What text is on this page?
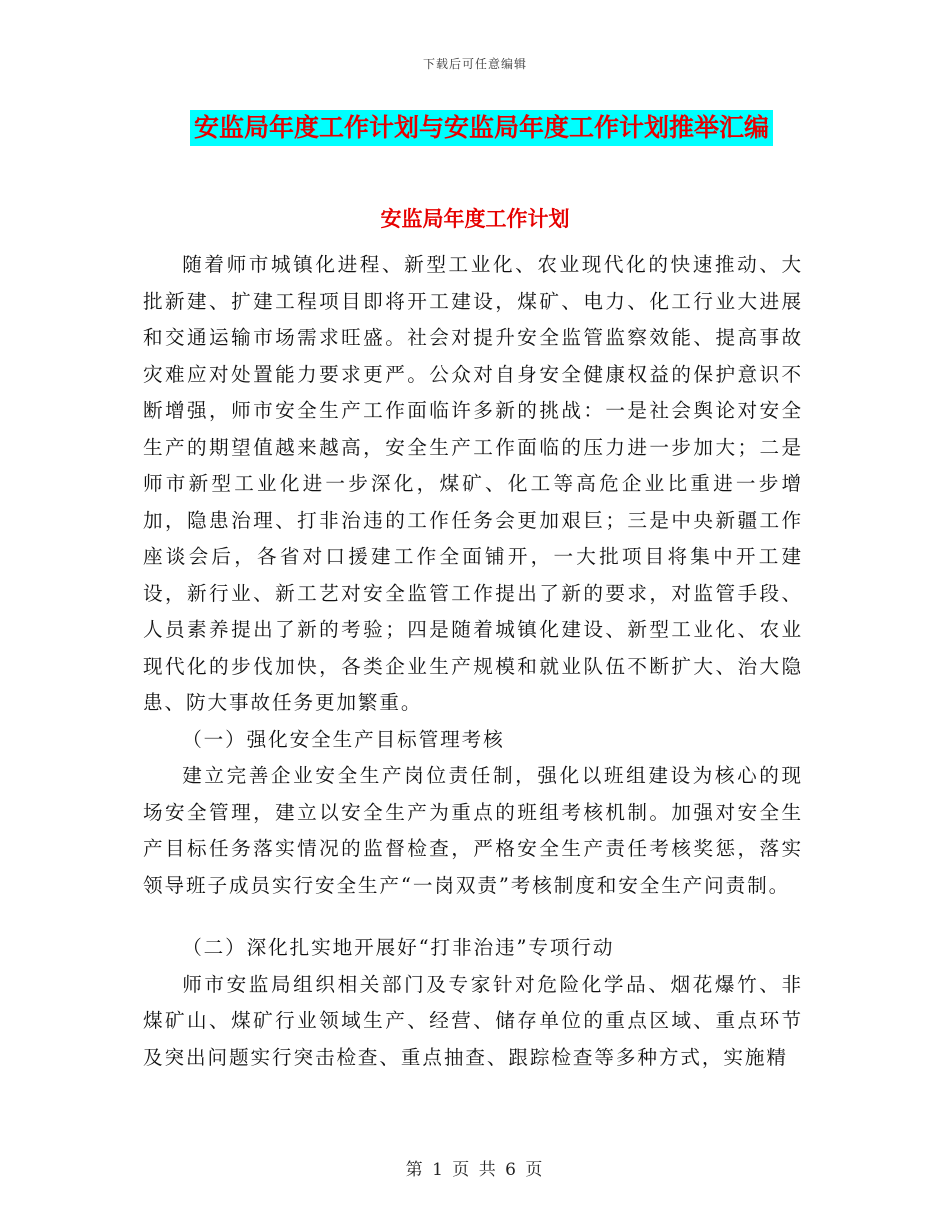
下载后可任意编辑
安监局年度工作计划与安监局年度工作计划推举汇编
安监局年度工作计划

随着师市城镇化进程、新型工业化、农业现代化的快速推动、大批新建、扩建工程项目即将开工建设，煤矿、电力、化工行业大进展和交通运输市场需求旺盛。社会对提升安全监管监察效能、提高事故灾难应对处置能力要求更严。公众对自身安全健康权益的保护意识不断增强，师市安全生产工作面临许多新的挑战：一是社会舆论对安全生产的期望值越来越高，安全生产工作面临的压力进一步加大；二是师市新型工业化进一步深化，煤矿、化工等高危企业比重进一步增加，隐患治理、打非治违的工作任务会更加艰巨；三是中央新疆工作座谈会后，各省对口援建工作全面铺开，一大批项目将集中开工建设，新行业、新工艺对安全监管工作提出了新的要求，对监管手段、人员素养提出了新的考验；四是随着城镇化建设、新型工业化、农业现代化的步伐加快，各类企业生产规模和就业队伍不断扩大、治大隐患、防大事故任务更加繁重。

（一）强化安全生产目标管理考核

建立完善企业安全生产岗位责任制，强化以班组建设为核心的现场安全管理，建立以安全生产为重点的班组考核机制。加强对安全生产目标任务落实情况的监督检查，严格安全生产责任考核奖惩，落实领导班子成员实行安全生产“一岗双责”考核制度和安全生产问责制。

（二）深化扎实地开展好“打非治违”专项行动

师市安监局组织相关部门及专家针对危险化学品、烟花爆竹、非煤矿山、煤矿行业领域生产、经营、储存单位的重点区域、重点环节及突出问题实行突击检查、重点抽查、跟踪检查等多种方式，实施精

第 1 页 共 6 页
